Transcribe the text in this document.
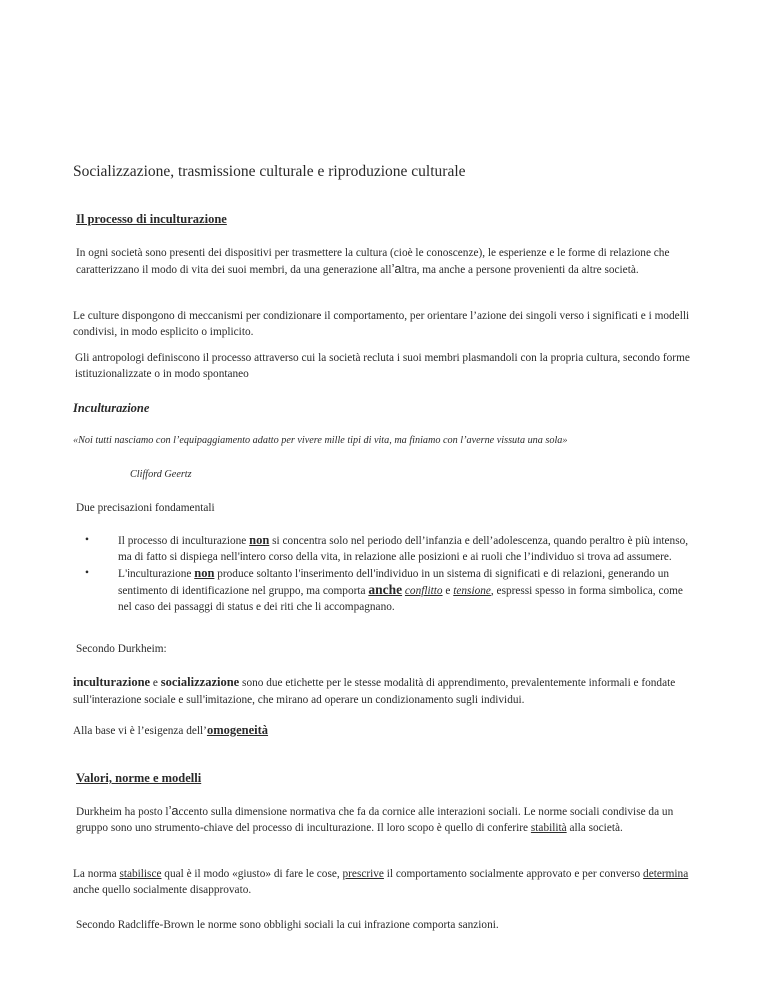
Socializzazione, trasmissione culturale e riproduzione culturale
Il processo di inculturazione
In ogni società sono presenti dei dispositivi per trasmettere la cultura (cioè le conoscenze), le esperienze e le forme di relazione che caratterizzano il modo di vita dei suoi membri, da una generazione all’altra, ma anche a persone provenienti da altre società.
Le culture dispongono di meccanismi per condizionare il comportamento, per orientare l’azione dei singoli verso i significati e i modelli condivisi, in modo esplicito o implicito.
Gli antropologi definiscono il processo attraverso cui la società recluta i suoi membri plasmandoli con la propria cultura, secondo forme istituzionalizzate o in modo spontaneo
Inculturazione
«Noi tutti nasciamo con l’equipaggiamento adatto per vivere mille tipi di vita, ma finiamo con l’averne vissuta una sola»
Clifford Geertz
Due precisazioni fondamentali
•	Il processo di inculturazione non si concentra solo nel periodo dell’infanzia e dell’adolescenza, quando peraltro è più intenso, ma di fatto si dispiega nell’intero corso della vita, in relazione alle posizioni e ai ruoli che l’individuo si trova ad assumere.
•	L’inculturazione non produce soltanto l’inserimento dell’individuo in un sistema di significati e di relazioni, generando un sentimento di identificazione nel gruppo, ma comporta anche conflitto e tensione, espressi spesso in forma simbolica, come nel caso dei passaggi di status e dei riti che li accompagnano.
Secondo Durkheim:
inculturazione e socializzazione sono due etichette per le stesse modalità di apprendimento, prevalentemente informali e fondate sull’interazione sociale e sull’imitazione, che mirano ad operare un condizionamento sugli individui.
Alla base vi è l’esigenza dell’omogeneità
Valori, norme e modelli
Durkheim ha posto l’accento sulla dimensione normativa che fa da cornice alle interazioni sociali. Le norme sociali condivise da un gruppo sono uno strumento-chiave del processo di inculturazione. Il loro scopo è quello di conferire stabilità alla società.
La norma stabilisce qual è il modo «giusto» di fare le cose, prescrive il comportamento socialmente approvato e per converso determina anche quello socialmente disapprovato.
Secondo Radcliffe-Brown le norme sono obblighi sociali la cui infrazione comporta sanzioni.
